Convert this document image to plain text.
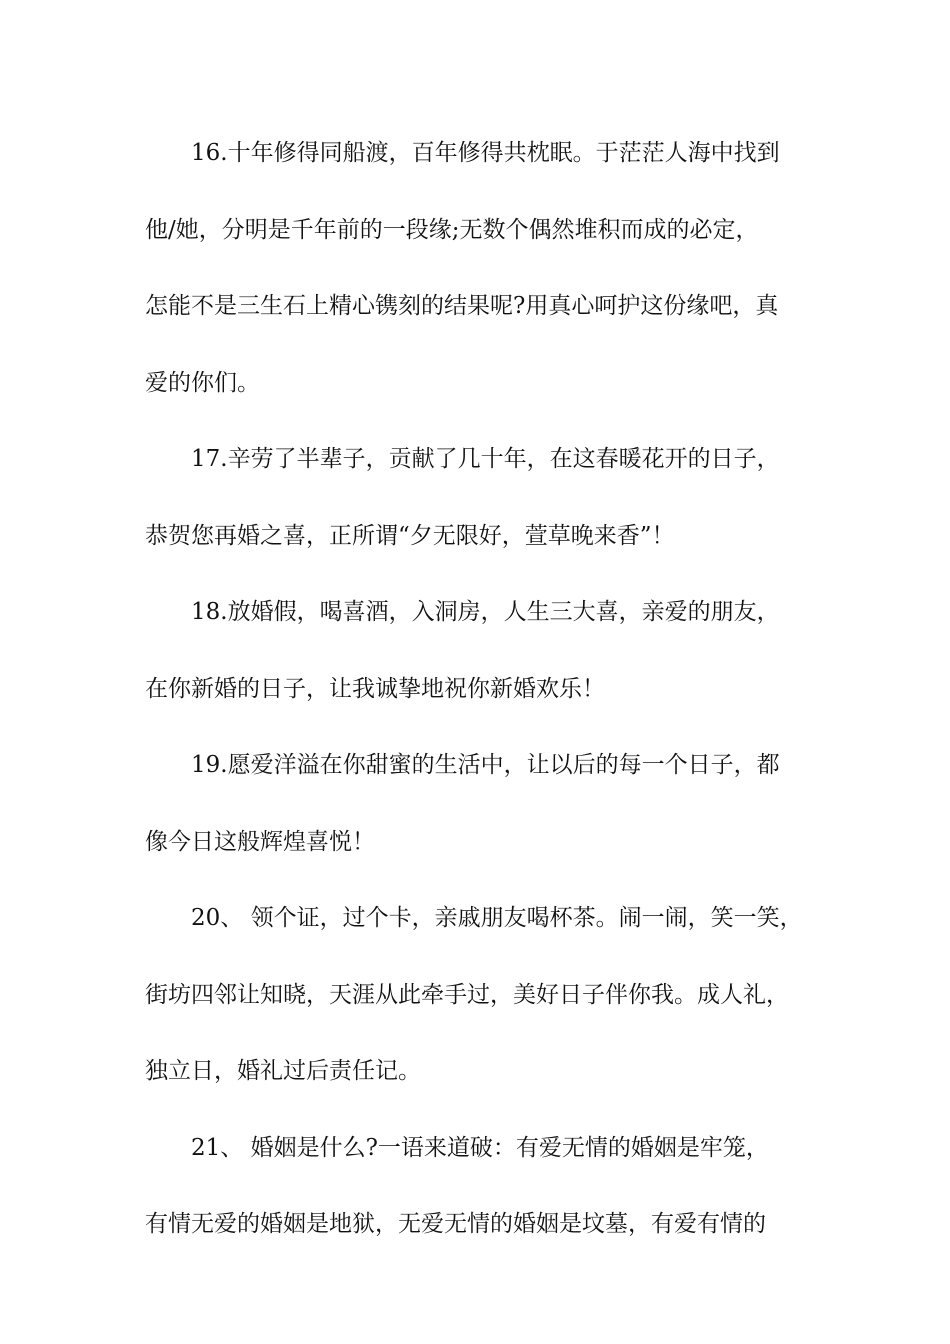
16.十年修得同船渡，百年修得共枕眠。于茫茫人海中找到
他/她，分明是千年前的一段缘;无数个偶然堆积而成的必定，
怎能不是三生石上精心镌刻的结果呢?用真心呵护这份缘吧，真
爱的你们。
17.辛劳了半辈子，贡献了几十年，在这春暖花开的日子，
恭贺您再婚之喜，正所谓“夕无限好，萱草晚来香”！
18.放婚假，喝喜酒，入洞房，人生三大喜，亲爱的朋友，
在你新婚的日子，让我诚挚地祝你新婚欢乐！
19.愿爱洋溢在你甜蜜的生活中，让以后的每一个日子，都
像今日这般辉煌喜悦！
20、 领个证，过个卡，亲戚朋友喝杯茶。闹一闹，笑一笑，
街坊四邻让知晓，天涯从此牵手过，美好日子伴你我。成人礼，
独立日，婚礼过后责任记。
21、 婚姻是什么?一语来道破：有爱无情的婚姻是牢笼，
有情无爱的婚姻是地狱，无爱无情的婚姻是坟墓，有爱有情的
